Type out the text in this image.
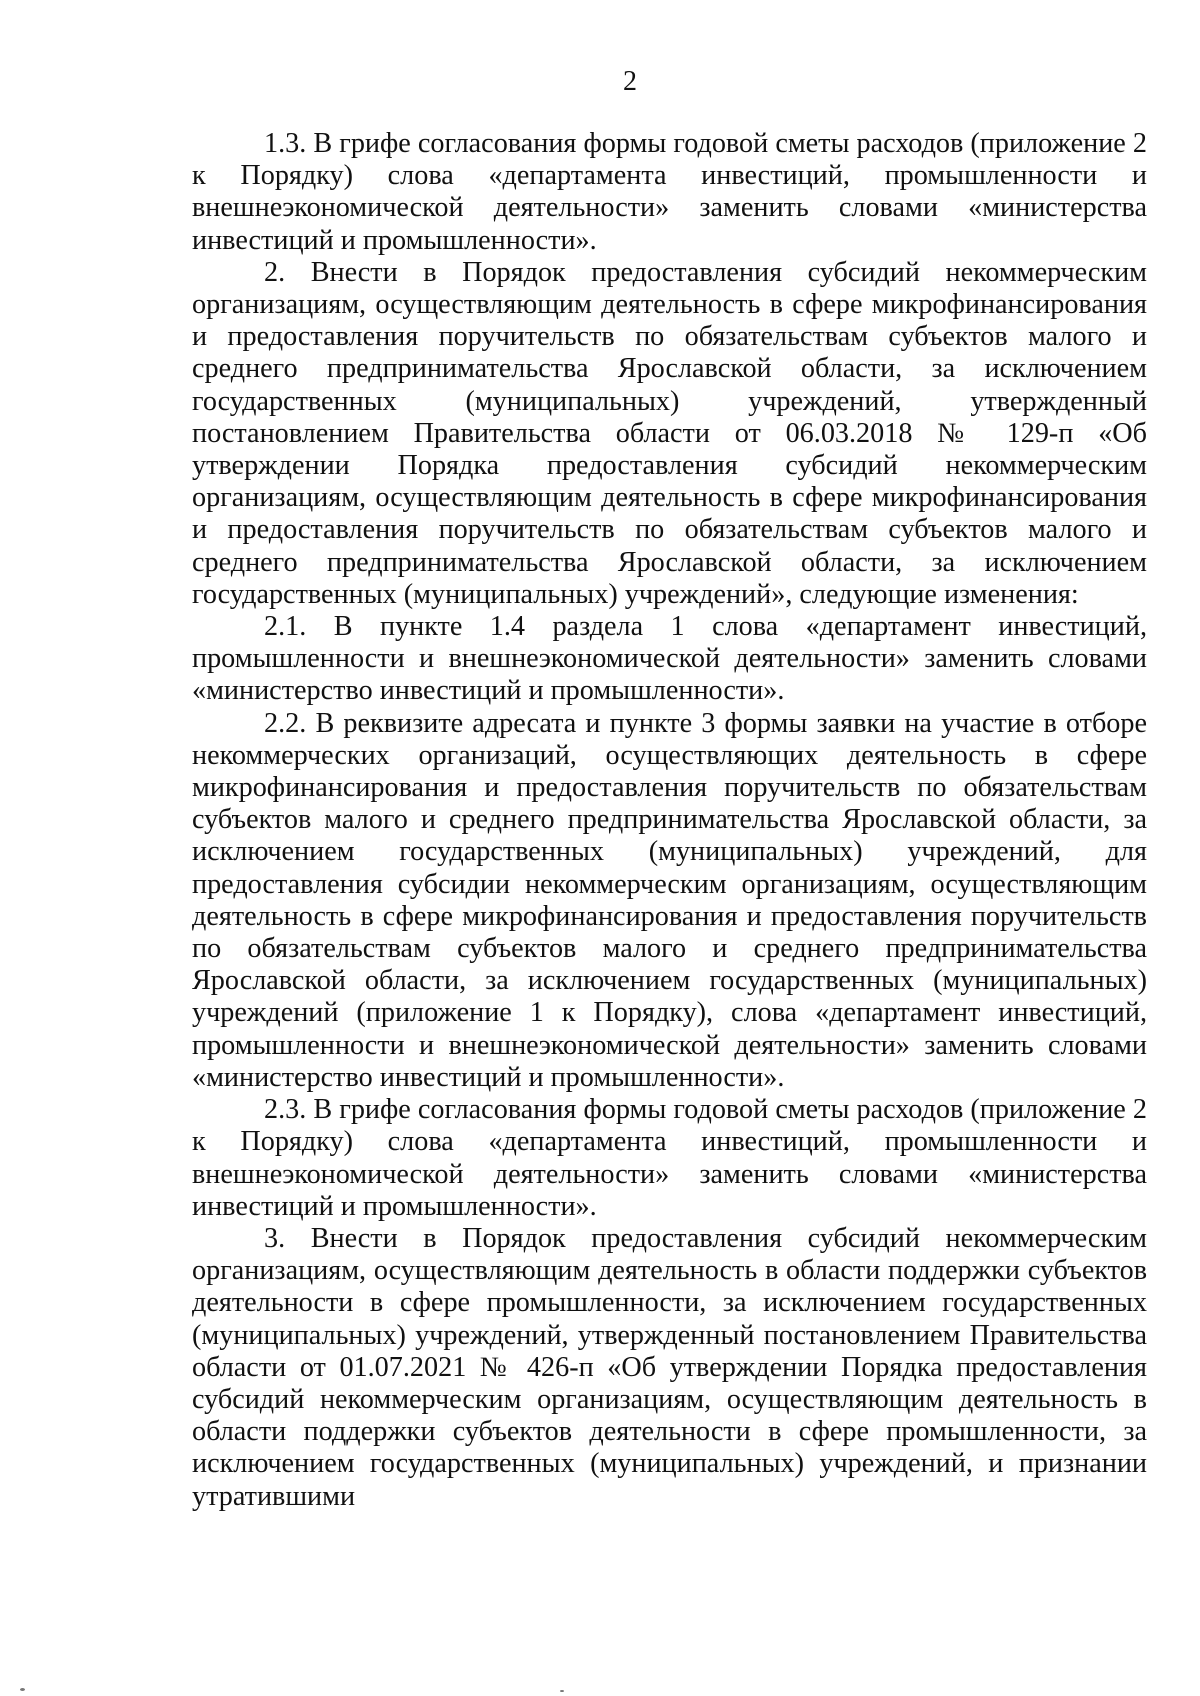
2

1.3. В грифе согласования формы годовой сметы расходов (приложение 2 к Порядку) слова «департамента инвестиций, промышленности и внешнеэкономической деятельности» заменить словами «министерства инвестиций и промышленности».

2. Внести в Порядок предоставления субсидий некоммерческим организациям, осуществляющим деятельность в сфере микрофинансирования и предоставления поручительств по обязательствам субъектов малого и среднего предпринимательства Ярославской области, за исключением государственных (муниципальных) учреждений, утвержденный постановлением Правительства области от 06.03.2018 № 129-п «Об утверждении Порядка предоставления субсидий некоммерческим организациям, осуществляющим деятельность в сфере микрофинансирования и предоставления поручительств по обязательствам субъектов малого и среднего предпринимательства Ярославской области, за исключением государственных (муниципальных) учреждений», следующие изменения:

2.1. В пункте 1.4 раздела 1 слова «департамент инвестиций, промышленности и внешнеэкономической деятельности» заменить словами «министерство инвестиций и промышленности».

2.2. В реквизите адресата и пункте 3 формы заявки на участие в отборе некоммерческих организаций, осуществляющих деятельность в сфере микрофинансирования и предоставления поручительств по обязательствам субъектов малого и среднего предпринимательства Ярославской области, за исключением государственных (муниципальных) учреждений, для предоставления субсидии некоммерческим организациям, осуществляющим деятельность в сфере микрофинансирования и предоставления поручительств по обязательствам субъектов малого и среднего предпринимательства Ярославской области, за исключением государственных (муниципальных) учреждений (приложение 1 к Порядку), слова «департамент инвестиций, промышленности и внешнеэкономической деятельности» заменить словами «министерство инвестиций и промышленности».

2.3. В грифе согласования формы годовой сметы расходов (приложение 2 к Порядку) слова «департамента инвестиций, промышленности и внешнеэкономической деятельности» заменить словами «министерства инвестиций и промышленности».

3. Внести в Порядок предоставления субсидий некоммерческим организациям, осуществляющим деятельность в области поддержки субъектов деятельности в сфере промышленности, за исключением государственных (муниципальных) учреждений, утвержденный постановлением Правительства области от 01.07.2021 № 426-п «Об утверждении Порядка предоставления субсидий некоммерческим организациям, осуществляющим деятельность в области поддержки субъектов деятельности в сфере промышленности, за исключением государственных (муниципальных) учреждений, и признании утратившими
